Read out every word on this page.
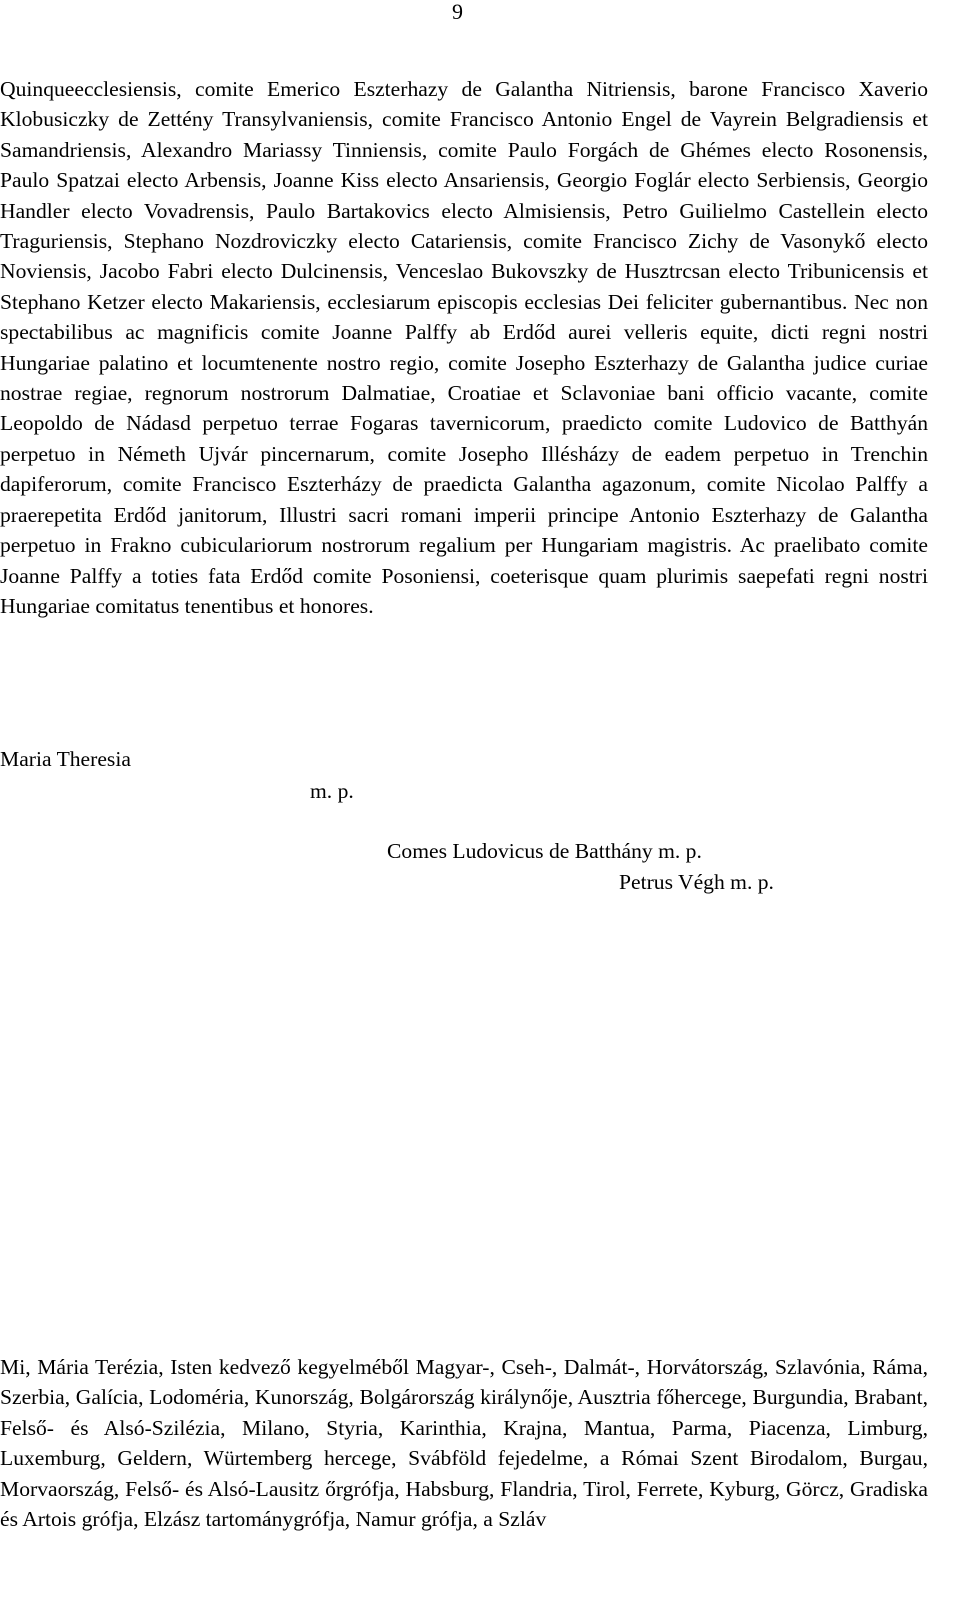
9

Quinqueecclesiensis, comite Emerico Eszterhazy de Galantha Nitriensis, barone Francisco Xaverio Klobusiczky de Zettény Transylvaniensis, comite Francisco Antonio Engel de Vayrein Belgradiensis et Samandriensis, Alexandro Mariassy Tinniensis, comite Paulo Forgách de Ghémes electo Rosonensis, Paulo Spatzai electo Arbensis, Joanne Kiss electo Ansariensis, Georgio Foglár electo Serbiensis, Georgio Handler electo Vovadrensis, Paulo Bartakovics electo Almisiensis, Petro Guilielmo Castellein electo Traguriensis, Stephano Nozdroviczky electo Catariensis, comite Francisco Zichy de Vasonykő electo Noviensis, Jacobo Fabri electo Dulcinensis, Venceslao Bukovszky de Husztrcsan electo Tribunicensis et Stephano Ketzer electo Makariensis, ecclesiarum episcopis ecclesias Dei feliciter gubernantibus. Nec non spectabilibus ac magnificis comite Joanne Palffy ab Erdőd aurei velleris equite, dicti regni nostri Hungariae palatino et locumtenente nostro regio, comite Josepho Eszterhazy de Galantha judice curiae nostrae regiae, regnorum nostrorum Dalmatiae, Croatiae et Sclavoniae bani officio vacante, comite Leopoldo de Nádasd perpetuo terrae Fogaras tavernicorum, praedicto comite Ludovico de Batthyán perpetuo in Németh Ujvár pincernarum, comite Josepho Illésházy de eadem perpetuo in Trenchin dapiferorum, comite Francisco Eszterházy de praedicta Galantha agazonum, comite Nicolao Palffy a praerepetita Erdőd janitorum, Illustri sacri romani imperii principe Antonio Eszterhazy de Galantha perpetuo in Frakno cubiculariorum nostrorum regalium per Hungariam magistris. Ac praelibato comite Joanne Palffy a toties fata Erdőd comite Posoniensi, coeterisque quam plurimis saepefati regni nostri Hungariae comitatus tenentibus et honores.

Maria Theresia

m. p.

Comes Ludovicus de Batthány m. p.

Petrus Végh m. p.

Mi, Mária Terézia, Isten kedvező kegyelméből Magyar-, Cseh-, Dalmát-, Horvátország, Szlavónia, Ráma, Szerbia, Galícia, Lodoméria, Kunország, Bolgárország királynője, Ausztria főhercege, Burgundia, Brabant, Felső- és Alsó-Szilézia, Milano, Styria, Karinthia, Krajna, Mantua, Parma, Piacenza, Limburg, Luxemburg, Geldern, Würtemberg hercege, Svábföld fejedelme, a Római Szent Birodalom, Burgau, Morvaország, Felső- és Alsó-Lausitz őrgrófja, Habsburg, Flandria, Tirol, Ferrete, Kyburg, Görcz, Gradiska és Artois grófja, Elzász tartománygrófja, Namur grófja, a Szláv
